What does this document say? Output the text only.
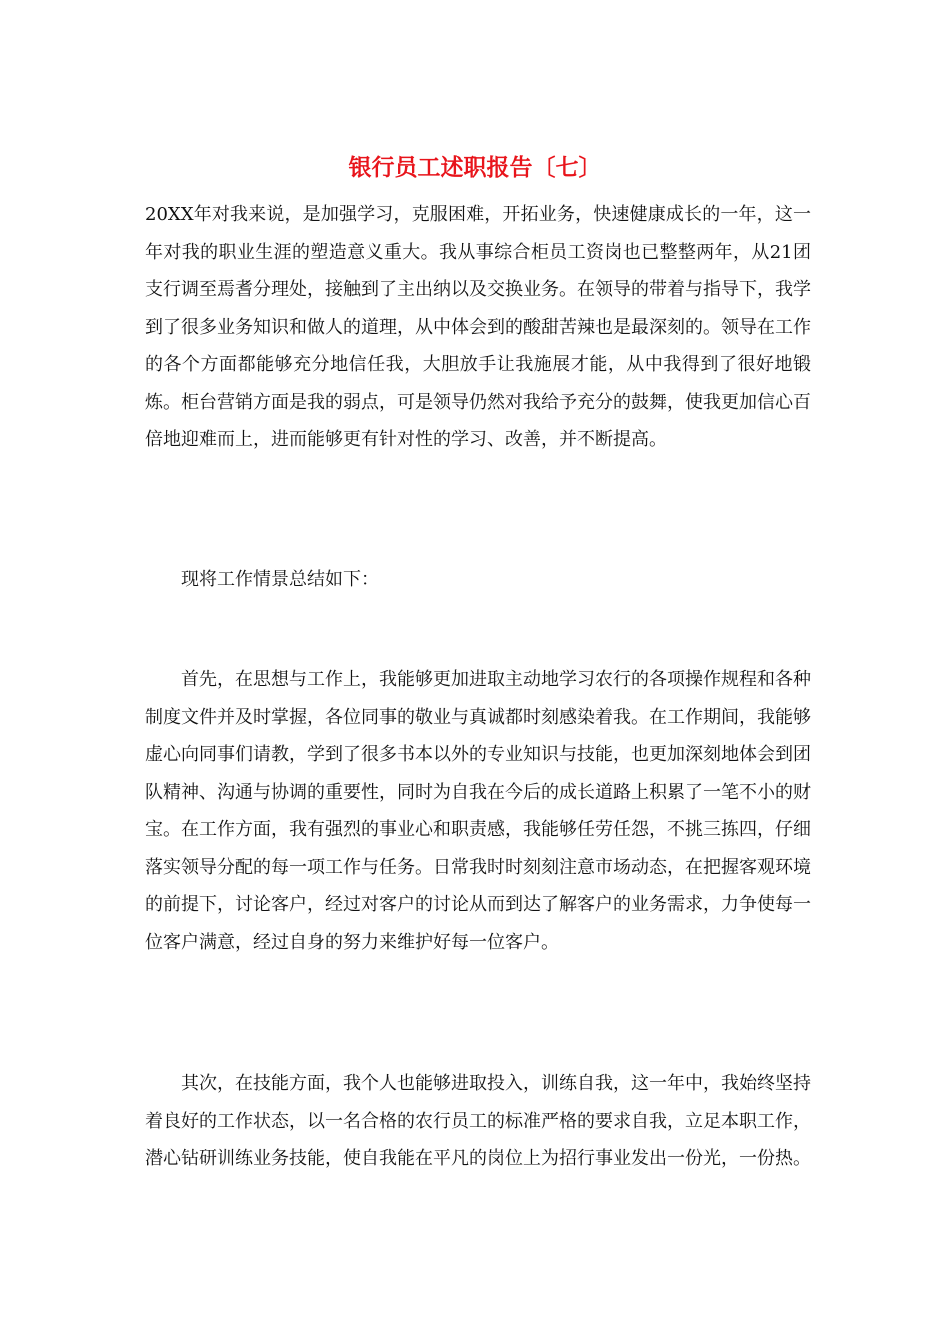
银行员工述职报告〔七〕

20XX年对我来说，是加强学习，克服困难，开拓业务，快速健康成长的一年，这一年对我的职业生涯的塑造意义重大。我从事综合柜员工资岗也已整整两年，从21团支行调至焉耆分理处，接触到了主出纳以及交换业务。在领导的带着与指导下，我学到了很多业务知识和做人的道理，从中体会到的酸甜苦辣也是最深刻的。领导在工作的各个方面都能够充分地信任我，大胆放手让我施展才能，从中我得到了很好地锻炼。柜台营销方面是我的弱点，可是领导仍然对我给予充分的鼓舞，使我更加信心百倍地迎难而上，进而能够更有针对性的学习、改善，并不断提高。

现将工作情景总结如下：

首先，在思想与工作上，我能够更加进取主动地学习农行的各项操作规程和各种制度文件并及时掌握，各位同事的敬业与真诚都时刻感染着我。在工作期间，我能够虚心向同事们请教，学到了很多书本以外的专业知识与技能，也更加深刻地体会到团队精神、沟通与协调的重要性，同时为自我在今后的成长道路上积累了一笔不小的财宝。在工作方面，我有强烈的事业心和职责感，我能够任劳任怨，不挑三拣四，仔细落实领导分配的每一项工作与任务。日常我时时刻刻注意市场动态，在把握客观环境的前提下，讨论客户，经过对客户的讨论从而到达了解客户的业务需求，力争使每一位客户满意，经过自身的努力来维护好每一位客户。

其次，在技能方面，我个人也能够进取投入，训练自我，这一年中，我始终坚持着良好的工作状态，以一名合格的农行员工的标准严格的要求自我，立足本职工作，潜心钻研训练业务技能，使自我能在平凡的岗位上为招行事业发出一份光，一份热。
